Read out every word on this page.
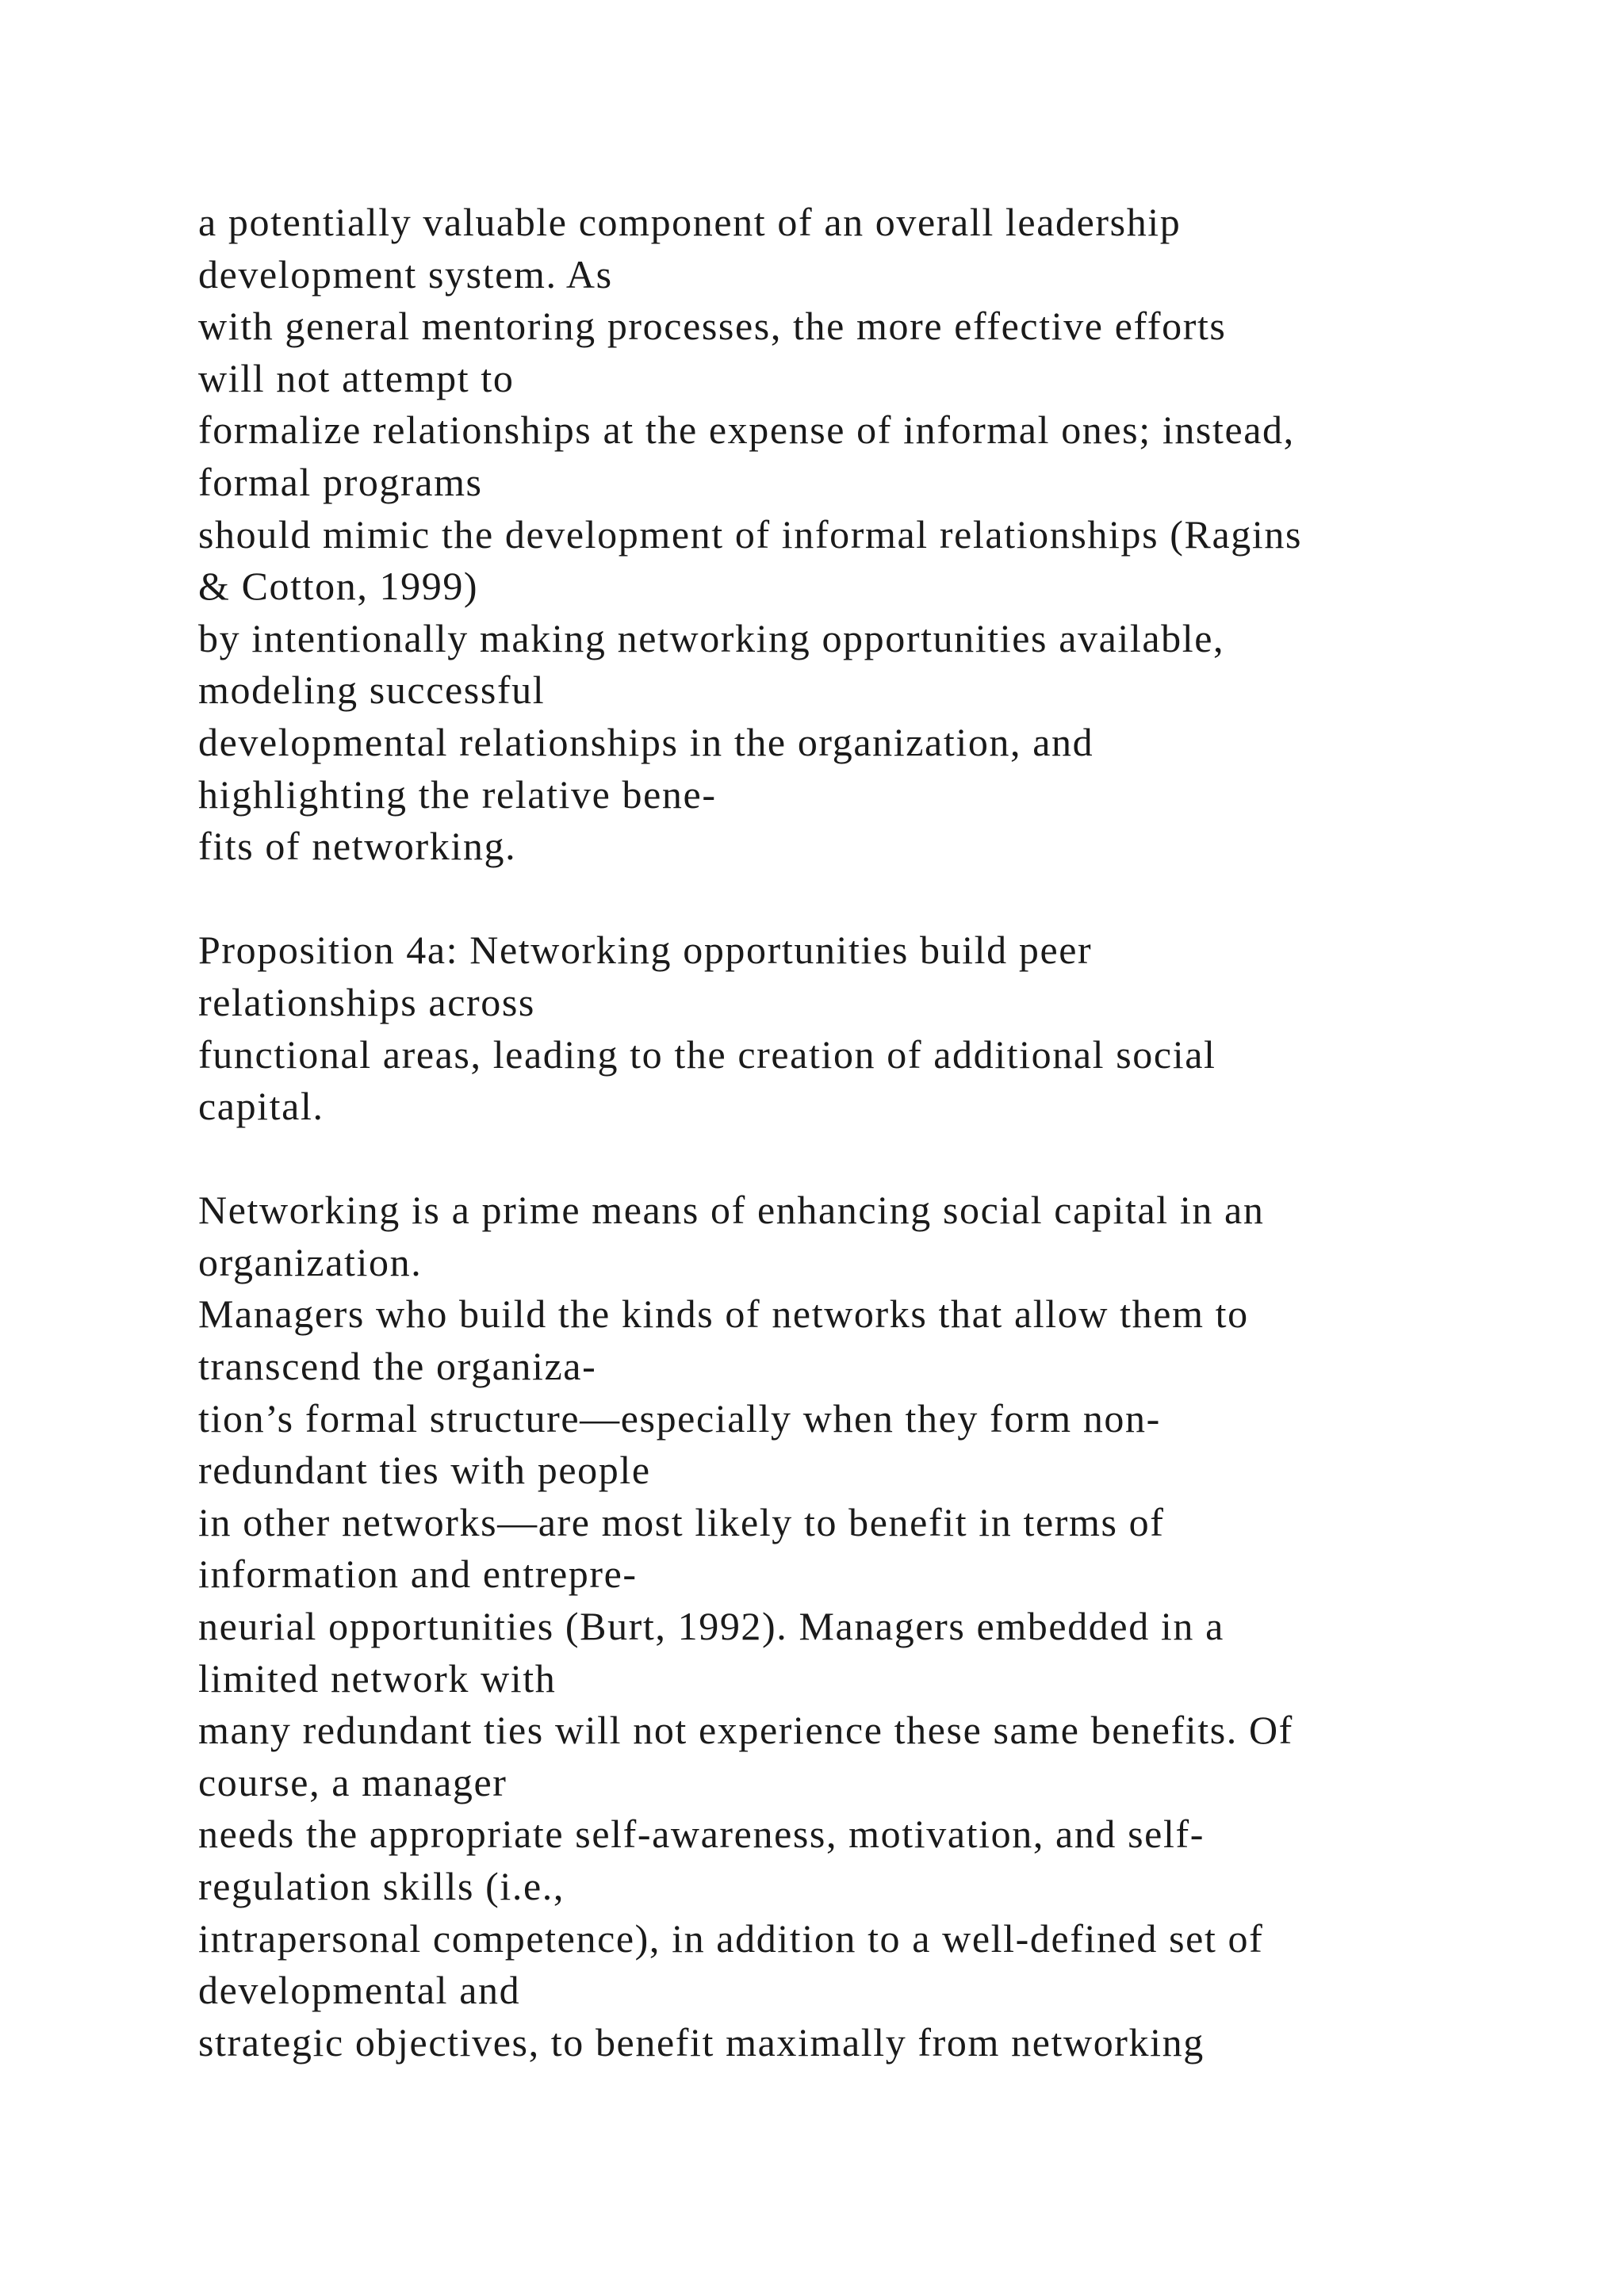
a potentially valuable component of an overall leadership
development system. As
with general mentoring processes, the more effective efforts
will not attempt to
formalize relationships at the expense of informal ones; instead,
formal programs
should mimic the development of informal relationships (Ragins
& Cotton, 1999)
by intentionally making networking opportunities available,
modeling successful
developmental relationships in the organization, and
highlighting the relative bene-
fits of networking.
Proposition 4a: Networking opportunities build peer
relationships across
functional areas, leading to the creation of additional social
capital.
Networking is a prime means of enhancing social capital in an
organization.
Managers who build the kinds of networks that allow them to
transcend the organiza-
tion’s formal structure—especially when they form non-
redundant ties with people
in other networks—are most likely to benefit in terms of
information and entrepre-
neurial opportunities (Burt, 1992). Managers embedded in a
limited network with
many redundant ties will not experience these same benefits. Of
course, a manager
needs the appropriate self-awareness, motivation, and self-
regulation skills (i.e.,
intrapersonal competence), in addition to a well-defined set of
developmental and
strategic objectives, to benefit maximally from networking
